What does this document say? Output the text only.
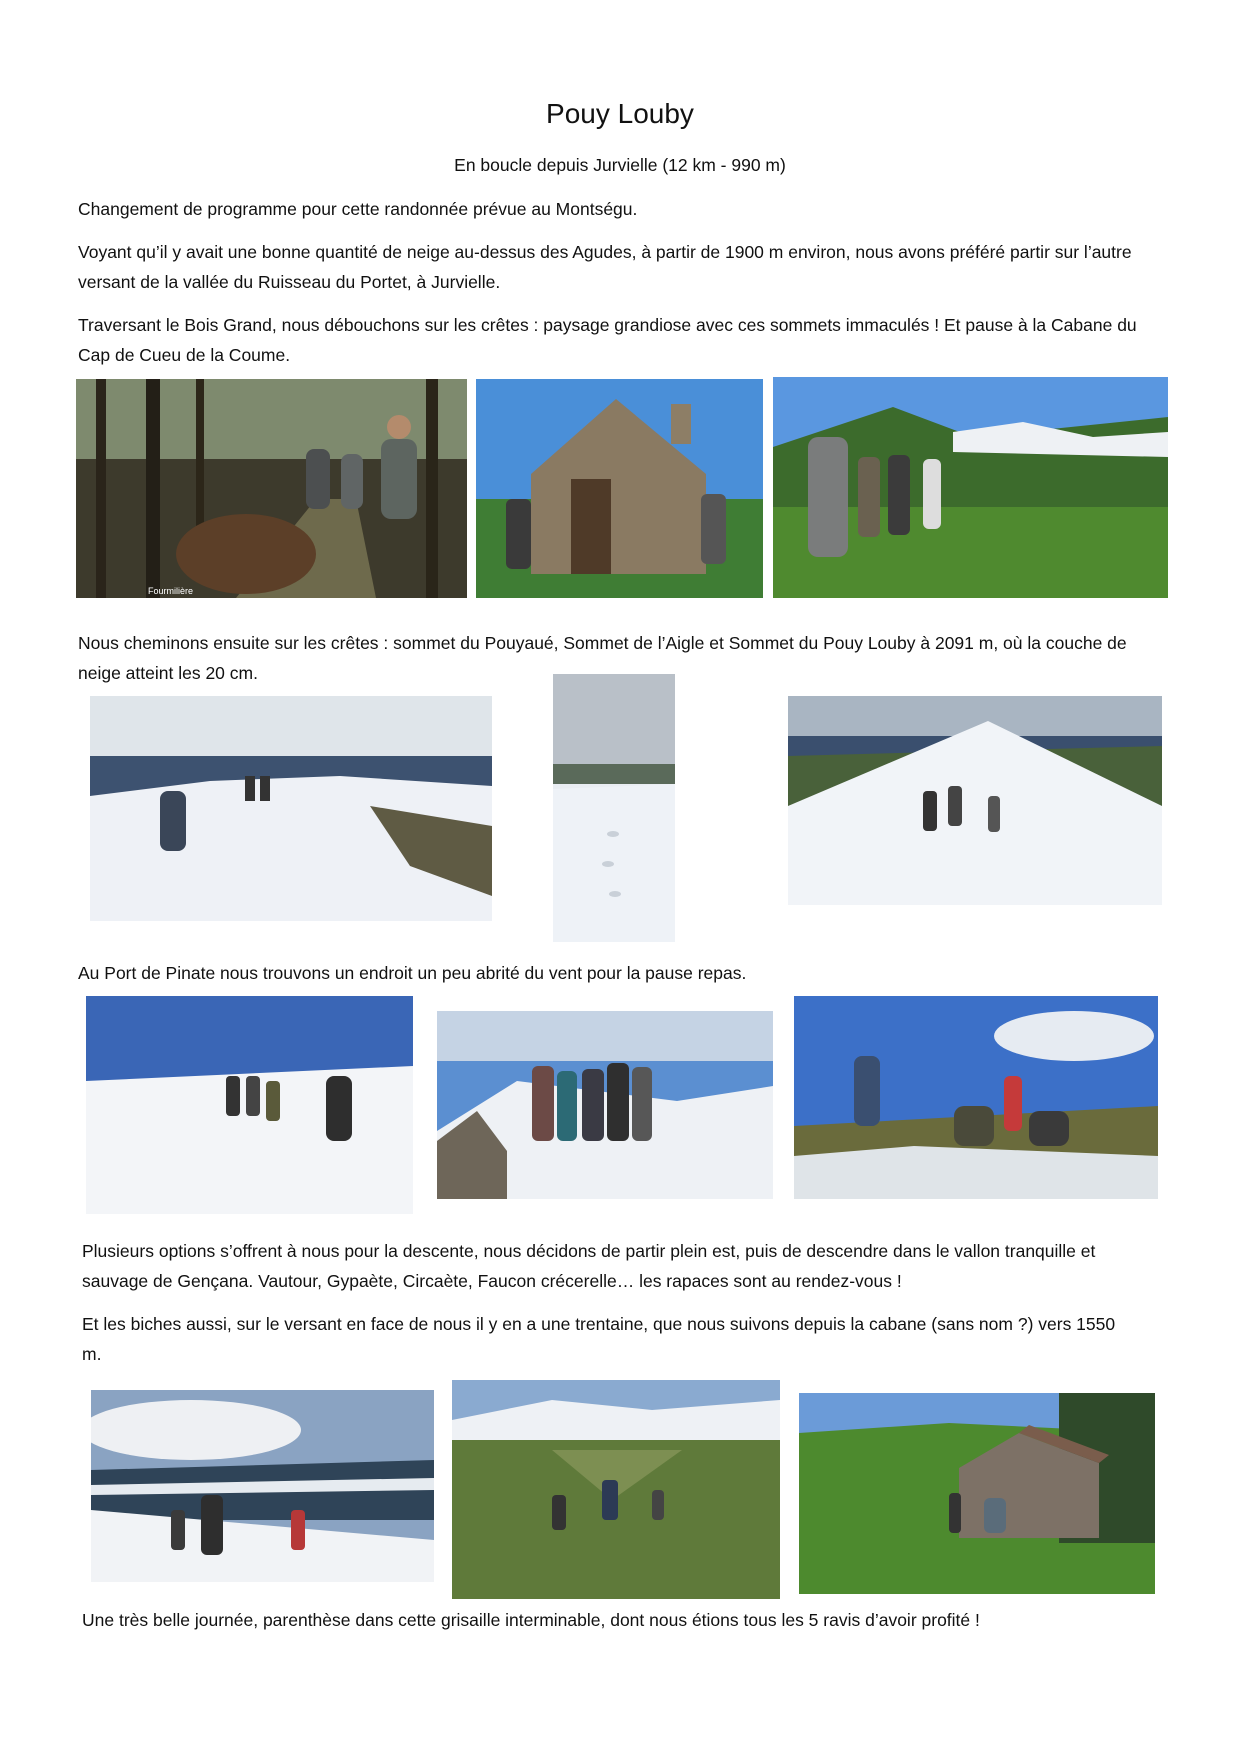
Pouy Louby
En boucle depuis Jurvielle (12 km - 990 m)
Changement de programme pour cette randonnée prévue au Montségu.
Voyant qu’il y avait une bonne quantité de neige au-dessus des Agudes, à partir de 1900 m environ, nous avons préféré partir sur l’autre versant de la vallée du Ruisseau du Portet, à Jurvielle.
Traversant le Bois Grand, nous débouchons sur les crêtes : paysage grandiose avec ces sommets immaculés ! Et pause à la Cabane du Cap de Cueu de la Coume.
Fourmilière
Nous cheminons ensuite sur les crêtes : sommet du Pouyaué, Sommet de l’Aigle et Sommet du Pouy Louby à 2091 m, où la couche de neige atteint les 20 cm.
Au Port de Pinate nous trouvons un endroit un peu abrité du vent pour la pause repas.
Plusieurs options s’offrent à nous pour la descente, nous décidons de partir plein est, puis de descendre dans le vallon tranquille et sauvage de Gençana. Vautour, Gypaète, Circaète, Faucon crécerelle… les rapaces sont au rendez-vous !
Et les biches aussi, sur le versant en face de nous il y en a une trentaine, que nous suivons depuis la cabane (sans nom ?) vers 1550 m.
Une très belle journée, parenthèse dans cette grisaille interminable, dont nous étions tous les 5 ravis d’avoir profité !
